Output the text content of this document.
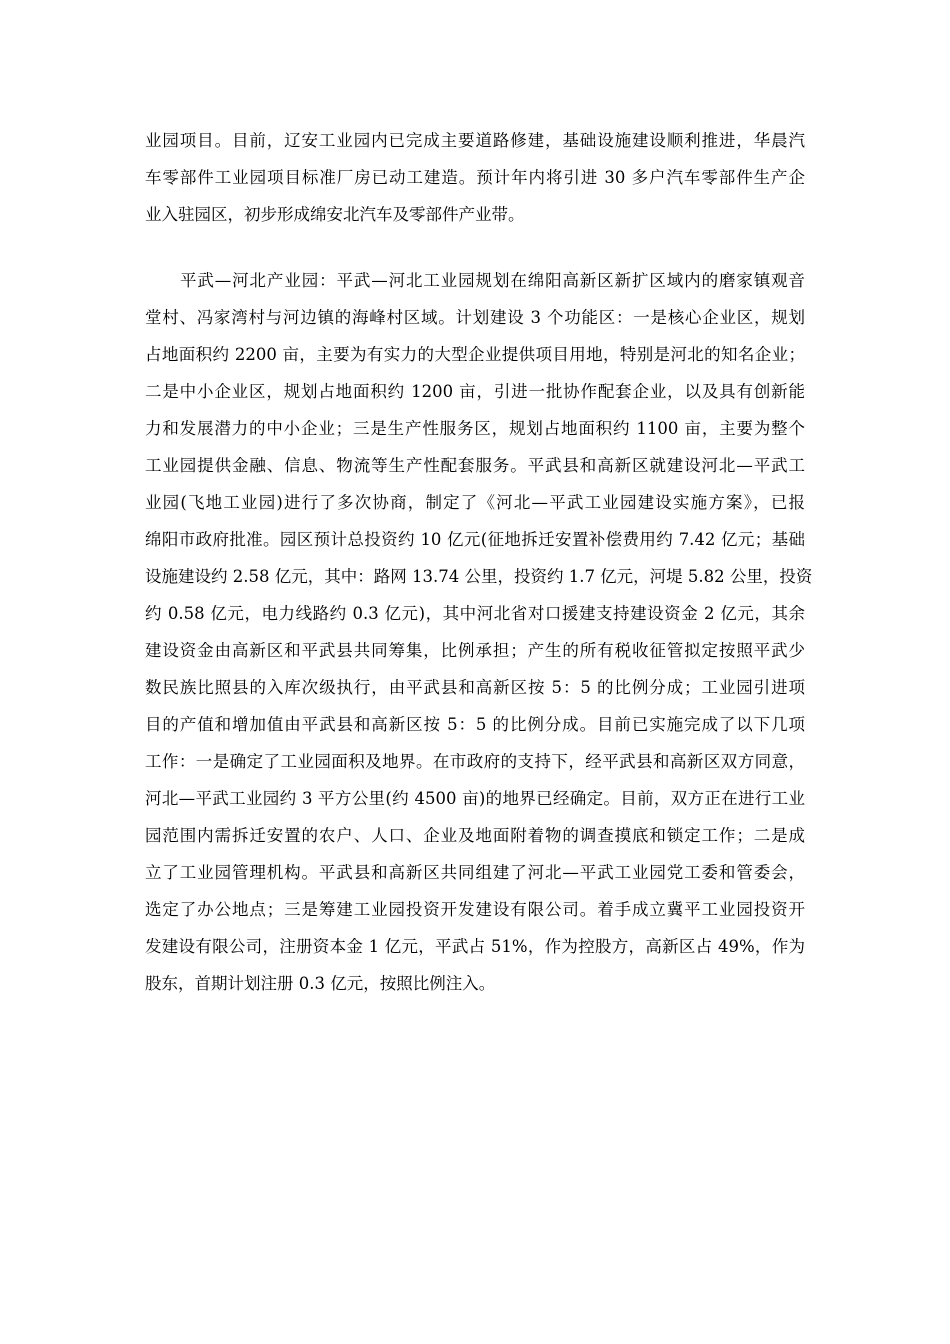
业园项目。目前，辽安工业园内已完成主要道路修建，基础设施建设顺利推进，华晨汽
车零部件工业园项目标准厂房已动工建造。预计年内将引进 30 多户汽车零部件生产企
业入驻园区，初步形成绵安北汽车及零部件产业带。
平武—河北产业园：平武—河北工业园规划在绵阳高新区新扩区域内的磨家镇观音
堂村、冯家湾村与河边镇的海峰村区域。计划建设 3 个功能区：一是核心企业区，规划
占地面积约 2200 亩，主要为有实力的大型企业提供项目用地，特别是河北的知名企业；
二是中小企业区，规划占地面积约 1200 亩，引进一批协作配套企业，以及具有创新能
力和发展潜力的中小企业；三是生产性服务区，规划占地面积约 1100 亩，主要为整个
工业园提供金融、信息、物流等生产性配套服务。平武县和高新区就建设河北—平武工
业园(飞地工业园)进行了多次协商，制定了《河北—平武工业园建设实施方案》，已报
绵阳市政府批准。园区预计总投资约 10 亿元(征地拆迁安置补偿费用约 7.42 亿元；基础
设施建设约 2.58 亿元，其中：路网 13.74 公里，投资约 1.7 亿元，河堤 5.82 公里，投资
约 0.58 亿元，电力线路约 0.3 亿元)，其中河北省对口援建支持建设资金 2 亿元，其余
建设资金由高新区和平武县共同筹集，比例承担；产生的所有税收征管拟定按照平武少
数民族比照县的入库次级执行，由平武县和高新区按 5：5 的比例分成；工业园引进项
目的产值和增加值由平武县和高新区按 5：5 的比例分成。目前已实施完成了以下几项
工作：一是确定了工业园面积及地界。在市政府的支持下，经平武县和高新区双方同意，
河北—平武工业园约 3 平方公里(约 4500 亩)的地界已经确定。目前，双方正在进行工业
园范围内需拆迁安置的农户、人口、企业及地面附着物的调查摸底和锁定工作；二是成
立了工业园管理机构。平武县和高新区共同组建了河北—平武工业园党工委和管委会，
选定了办公地点；三是筹建工业园投资开发建设有限公司。着手成立冀平工业园投资开
发建设有限公司，注册资本金 1 亿元，平武占 51%，作为控股方，高新区占 49%，作为
股东，首期计划注册 0.3 亿元，按照比例注入。
